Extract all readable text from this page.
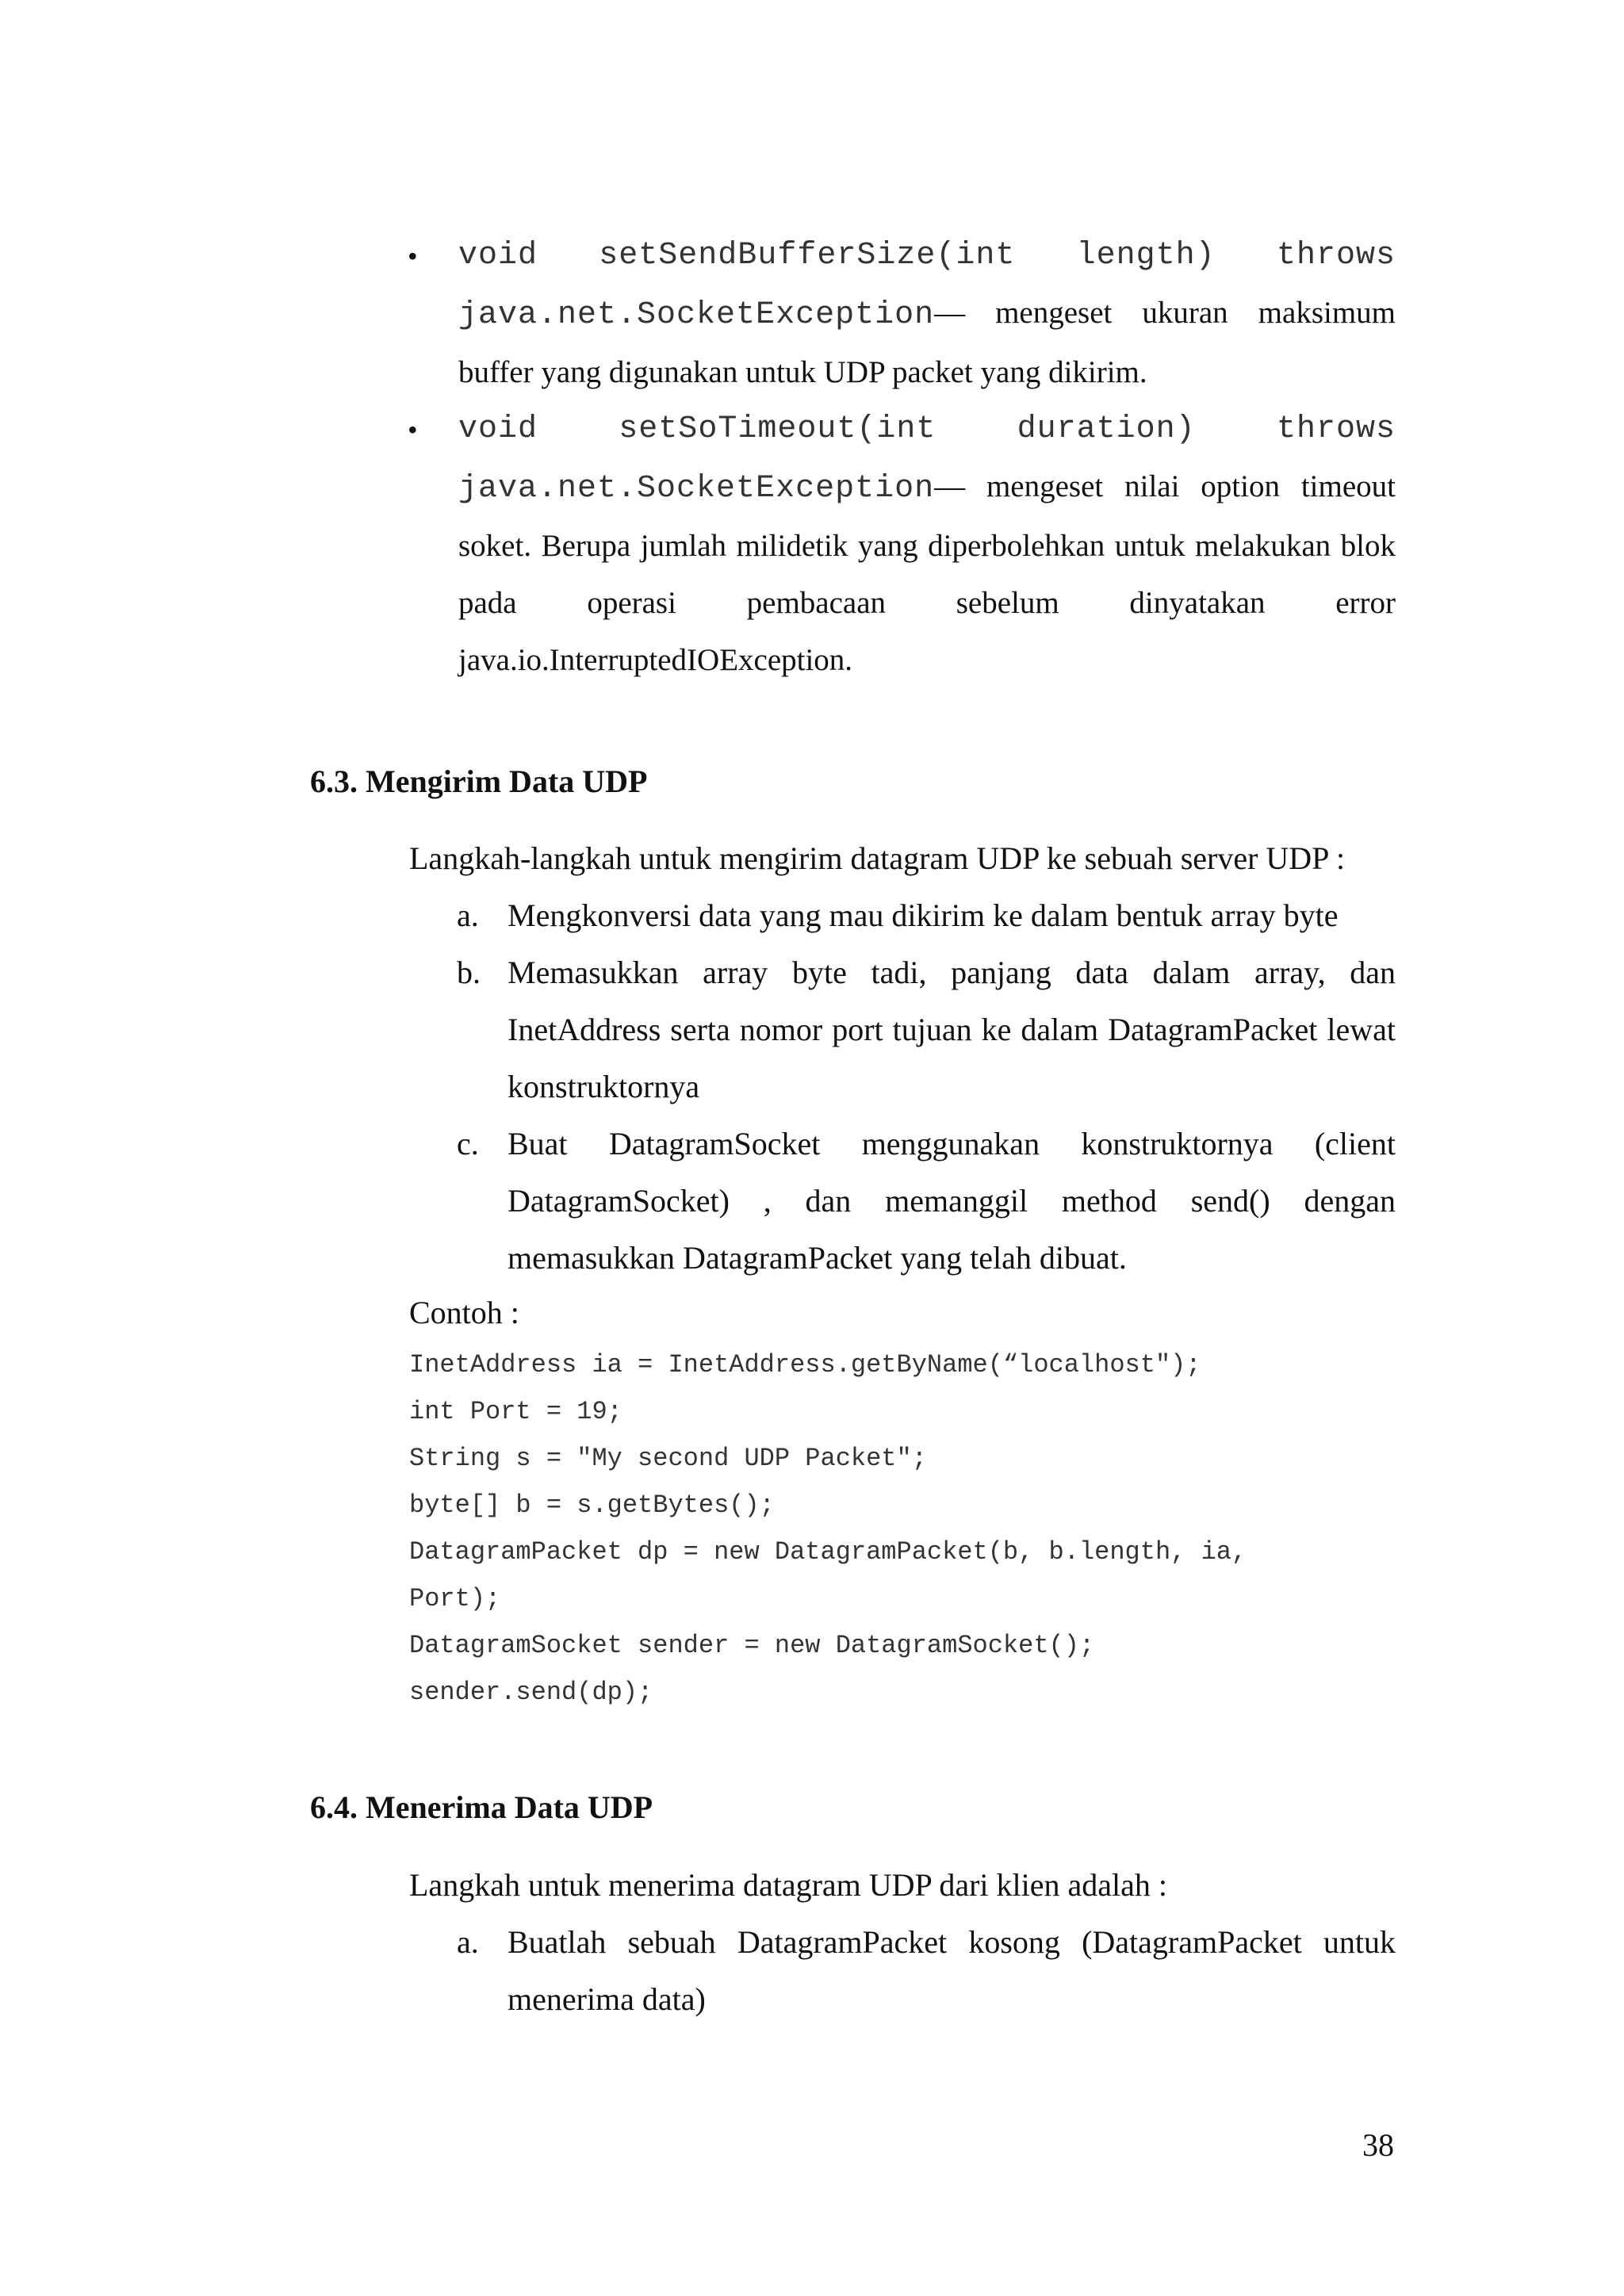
• void setSendBufferSize(int length) throws
java.net.SocketException— mengeset ukuran maksimum buffer yang digunakan untuk UDP packet yang dikirim.
• void	setSoTimeout(int	duration)	throws
java.net.SocketException— mengeset nilai option timeout soket. Berupa jumlah milidetik yang diperbolehkan untuk melakukan blok pada operasi pembacaan sebelum dinyatakan error java.io.InterruptedIOException.
6.3. Mengirim Data UDP

Langkah-langkah untuk mengirim datagram UDP ke sebuah server UDP :

a. Mengkonversi data yang mau dikirim ke dalam bentuk array byte
b. Memasukkan array byte tadi, panjang data dalam array, dan InetAddress serta nomor port tujuan ke dalam DatagramPacket lewat konstruktornya
c. Buat DatagramSocket menggunakan konstruktornya (client DatagramSocket) , dan memanggil method send() dengan memasukkan DatagramPacket yang telah dibuat.

Contoh :

InetAddress ia = InetAddress.getByName(“localhost");
int Port = 19;
String s = "My second UDP Packet";
byte[] b = s.getBytes();
DatagramPacket dp = new DatagramPacket(b, b.length, ia,
Port);
DatagramSocket sender = new DatagramSocket();
sender.send(dp);
6.4. Menerima Data UDP

Langkah untuk menerima datagram UDP dari klien adalah :

a. Buatlah sebuah DatagramPacket kosong (DatagramPacket untuk menerima data)

38
